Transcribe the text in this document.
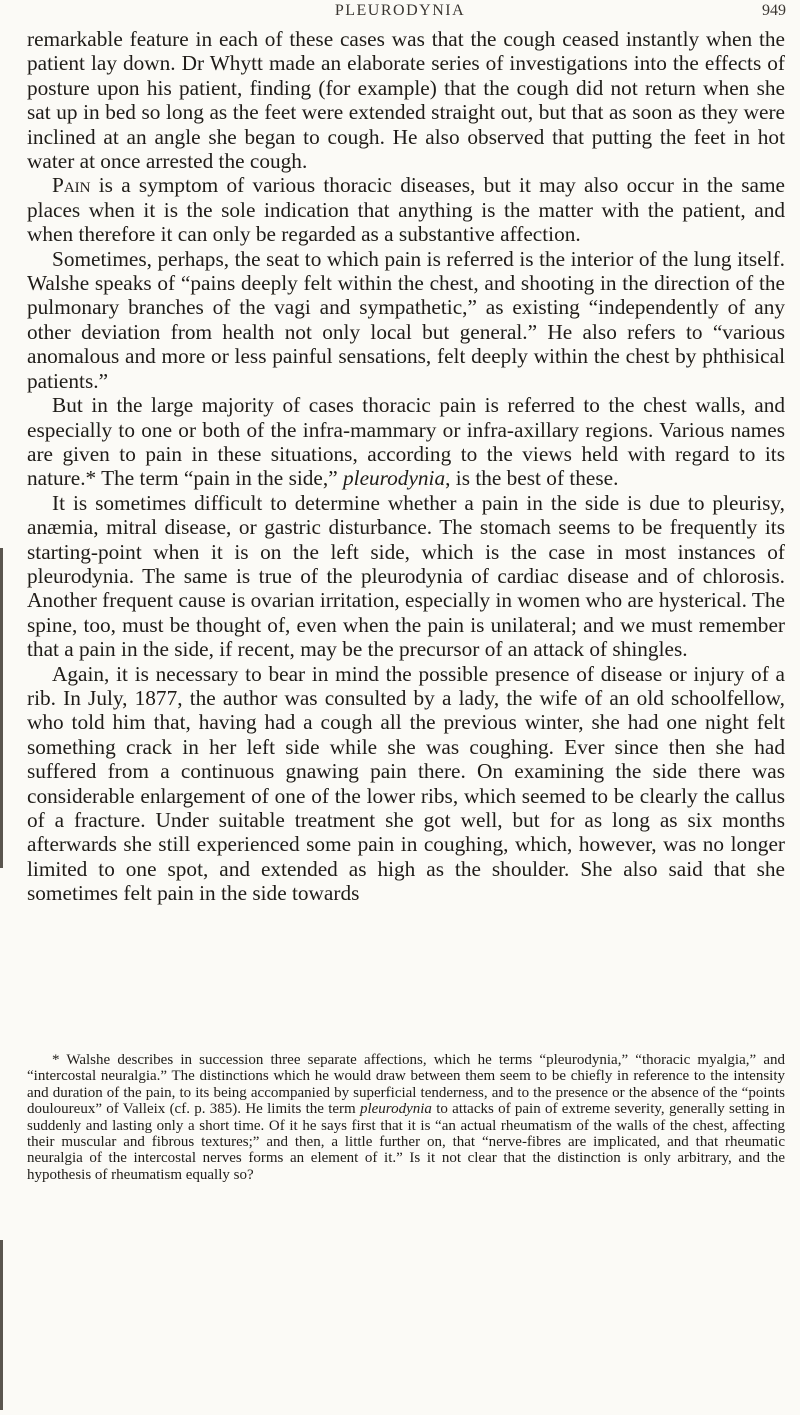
PLEURODYNIA	949

remarkable feature in each of these cases was that the cough ceased instantly when the patient lay down. Dr Whytt made an elaborate series of investigations into the effects of posture upon his patient, finding (for example) that the cough did not return when she sat up in bed so long as the feet were extended straight out, but that as soon as they were inclined at an angle she began to cough. He also observed that putting the feet in hot water at once arrested the cough.

Pain is a symptom of various thoracic diseases, but it may also occur in the same places when it is the sole indication that anything is the matter with the patient, and when therefore it can only be regarded as a substantive affection.

Sometimes, perhaps, the seat to which pain is referred is the interior of the lung itself. Walshe speaks of “pains deeply felt within the chest, and shooting in the direction of the pulmonary branches of the vagi and sympathetic,” as existing “independently of any other deviation from health not only local but general.” He also refers to “various anomalous and more or less painful sensations, felt deeply within the chest by phthisical patients.”

But in the large majority of cases thoracic pain is referred to the chest walls, and especially to one or both of the infra-mammary or infra-axillary regions. Various names are given to pain in these situations, according to the views held with regard to its nature.* The term “pain in the side,” pleurodynia, is the best of these.

It is sometimes difficult to determine whether a pain in the side is due to pleurisy, anæmia, mitral disease, or gastric disturbance. The stomach seems to be frequently its starting-point when it is on the left side, which is the case in most instances of pleurodynia. The same is true of the pleurodynia of cardiac disease and of chlorosis. Another frequent cause is ovarian irritation, especially in women who are hysterical. The spine, too, must be thought of, even when the pain is unilateral; and we must remember that a pain in the side, if recent, may be the precursor of an attack of shingles.

Again, it is necessary to bear in mind the possible presence of disease or injury of a rib. In July, 1877, the author was consulted by a lady, the wife of an old schoolfellow, who told him that, having had a cough all the previous winter, she had one night felt something crack in her left side while she was coughing. Ever since then she had suffered from a continuous gnawing pain there. On examining the side there was considerable enlargement of one of the lower ribs, which seemed to be clearly the callus of a fracture. Under suitable treatment she got well, but for as long as six months afterwards she still experienced some pain in coughing, which, however, was no longer limited to one spot, and extended as high as the shoulder. She also said that she sometimes felt pain in the side towards

* Walshe describes in succession three separate affections, which he terms “pleurodynia,” “thoracic myalgia,” and “intercostal neuralgia.” The distinctions which he would draw between them seem to be chiefly in reference to the intensity and duration of the pain, to its being accompanied by superficial tenderness, and to the presence or the absence of the “points douloureux” of Valleix (cf. p. 385). He limits the term pleurodynia to attacks of pain of extreme severity, generally setting in suddenly and lasting only a short time. Of it he says first that it is “an actual rheumatism of the walls of the chest, affecting their muscular and fibrous textures;” and then, a little further on, that “nerve-fibres are implicated, and that rheumatic neuralgia of the intercostal nerves forms an element of it.” Is it not clear that the distinction is only arbitrary, and the hypothesis of rheumatism equally so?
